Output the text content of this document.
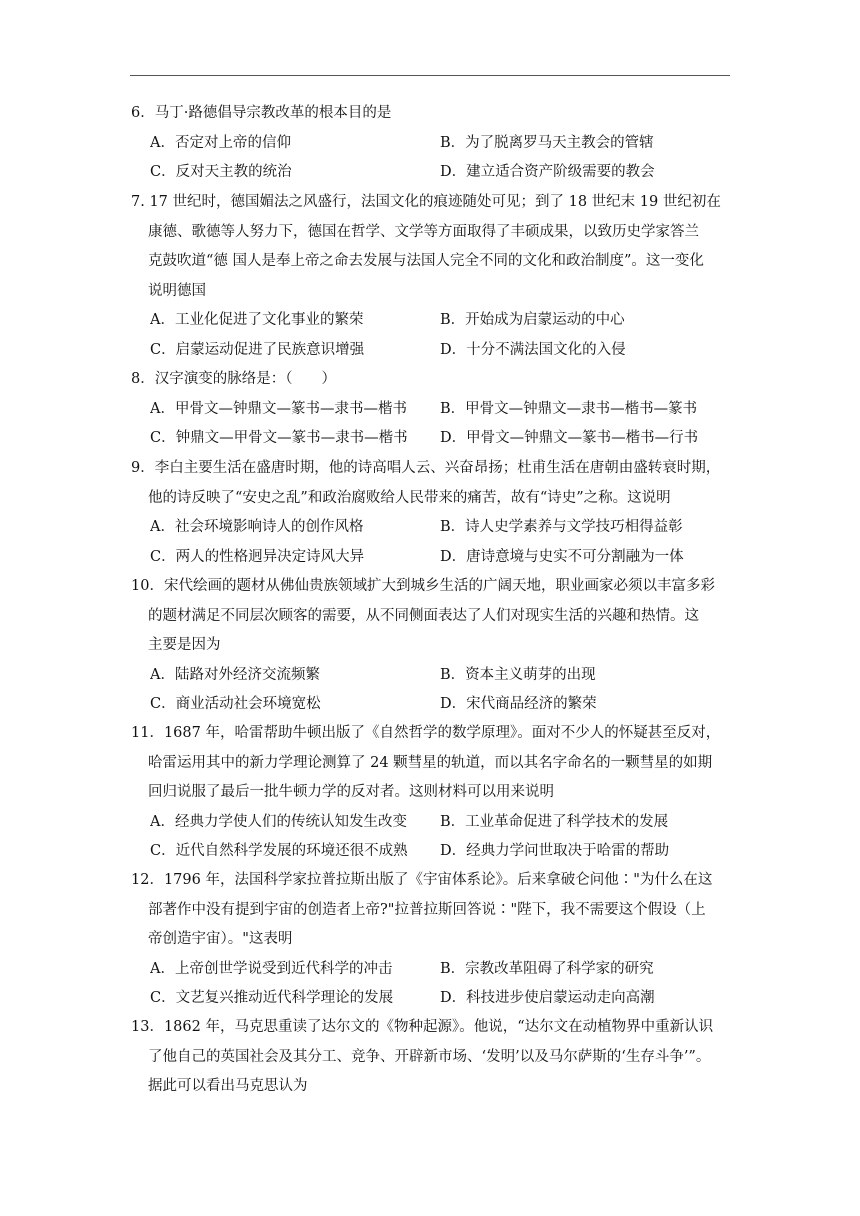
6．马丁·路德倡导宗教改革的根本目的是
A．否定对上帝的信仰	B．为了脱离罗马天主教会的管辖
C．反对天主教的统治	D．建立适合资产阶级需要的教会
7. 17 世纪时，德国媚法之风盛行，法国文化的痕迹随处可见；到了 18 世纪末 19 世纪初在
康德、歌德等人努力下，德国在哲学、文学等方面取得了丰硕成果，以致历史学家答兰
克鼓吹道“德 国人是奉上帝之命去发展与法国人完全不同的文化和政治制度”。这一变化
说明德国
A．工业化促进了文化事业的繁荣	B．开始成为启蒙运动的中心
C．启蒙运动促进了民族意识增强	D．十分不满法国文化的入侵
8．汉字演变的脉络是：（　　）
A．甲骨文—钟鼎文—篆书—隶书—楷书	B．甲骨文—钟鼎文—隶书—楷书—篆书
C．钟鼎文—甲骨文—篆书—隶书—楷书	D．甲骨文—钟鼎文—篆书—楷书—行书
9．李白主要生活在盛唐时期，他的诗高唱人云、兴奋昂扬；杜甫生活在唐朝由盛转衰时期，
他的诗反映了“安史之乱”和政治腐败给人民带来的痛苦，故有“诗史”之称。这说明
A．社会环境影响诗人的创作风格	B．诗人史学素养与文学技巧相得益彰
C．两人的性格迥异决定诗风大异	D．唐诗意境与史实不可分割融为一体
10．宋代绘画的题材从佛仙贵族领域扩大到城乡生活的广阔天地，职业画家必须以丰富多彩
的题材满足不同层次顾客的需要，从不同侧面表达了人们对现实生活的兴趣和热情。这
主要是因为
A．陆路对外经济交流频繁	B．资本主义萌芽的出现
C．商业活动社会环境宽松	D．宋代商品经济的繁荣
11．1687 年，哈雷帮助牛顿出版了《自然哲学的数学原理》。面对不少人的怀疑甚至反对，
哈雷运用其中的新力学理论测算了 24 颗彗星的轨道，而以其名字命名的一颗彗星的如期
回归说服了最后一批牛顿力学的反对者。这则材料可以用来说明
A．经典力学使人们的传统认知发生改变	B．工业革命促进了科学技术的发展
C．近代自然科学发展的环境还很不成熟	D．经典力学问世取决于哈雷的帮助
12．1796 年，法国科学家拉普拉斯出版了《宇宙体系论》。后来拿破仑问他∶"为什么在这
部著作中没有提到宇宙的创造者上帝?"拉普拉斯回答说∶"陛下，我不需要这个假设（上
帝创造宇宙）。"这表明
A．上帝创世学说受到近代科学的冲击	B．宗教改革阻碍了科学家的研究
C．文艺复兴推动近代科学理论的发展	D．科技进步使启蒙运动走向高潮
13．1862 年，马克思重读了达尔文的《物种起源》。他说，“达尔文在动植物界中重新认识
了他自己的英国社会及其分工、竞争、开辟新市场、‘发明’以及马尔萨斯的‘生存斗争’”。
据此可以看出马克思认为
